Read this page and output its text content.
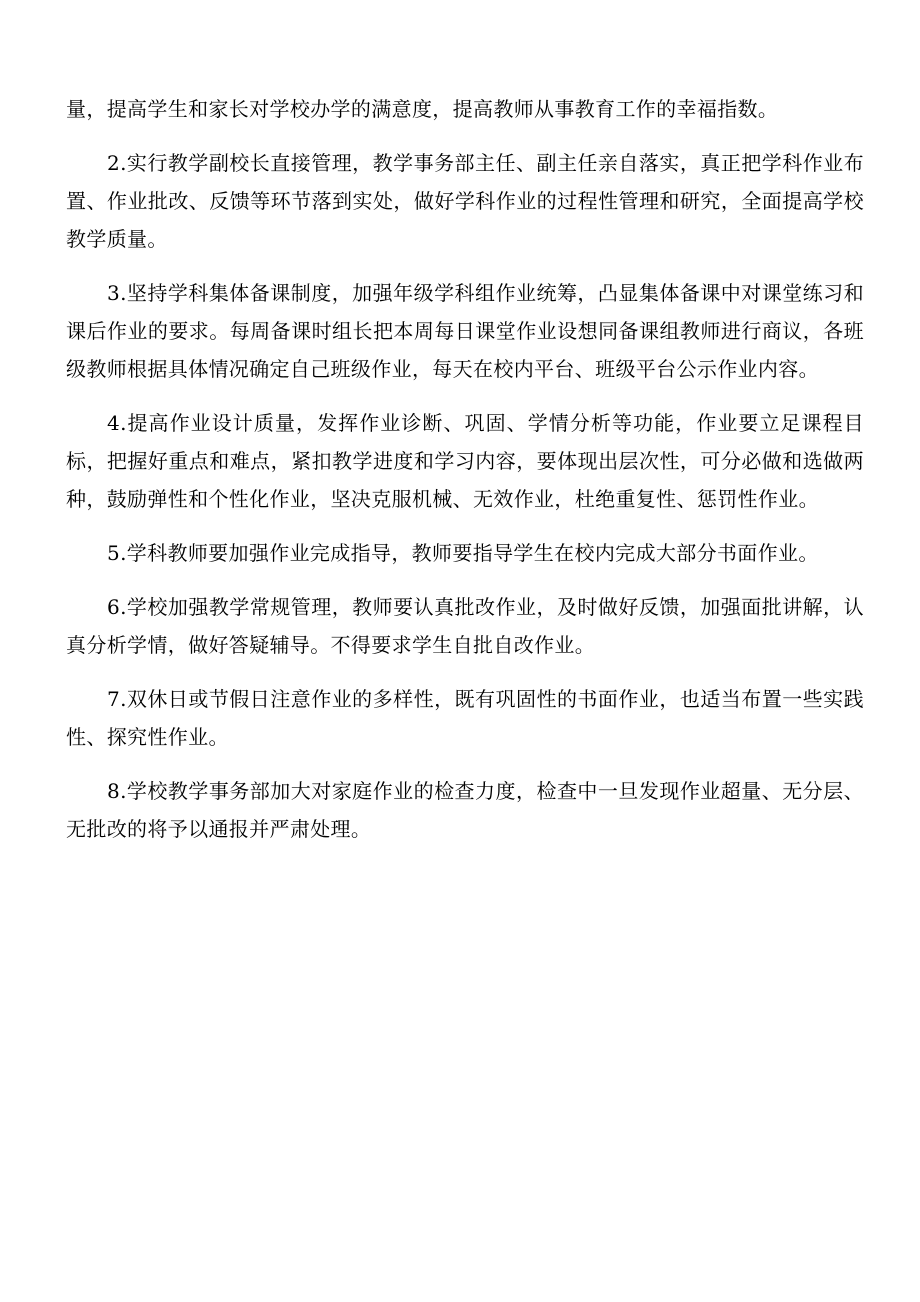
量，提高学生和家长对学校办学的满意度，提高教师从事教育工作的幸福指数。

2.实行教学副校长直接管理，教学事务部主任、副主任亲自落实，真正把学科作业布置、作业批改、反馈等环节落到实处，做好学科作业的过程性管理和研究，全面提高学校教学质量。

3.坚持学科集体备课制度，加强年级学科组作业统筹，凸显集体备课中对课堂练习和课后作业的要求。每周备课时组长把本周每日课堂作业设想同备课组教师进行商议，各班级教师根据具体情况确定自己班级作业，每天在校内平台、班级平台公示作业内容。

4.提高作业设计质量，发挥作业诊断、巩固、学情分析等功能，作业要立足课程目标，把握好重点和难点，紧扣教学进度和学习内容，要体现出层次性，可分必做和选做两种，鼓励弹性和个性化作业，坚决克服机械、无效作业，杜绝重复性、惩罚性作业。

5.学科教师要加强作业完成指导，教师要指导学生在校内完成大部分书面作业。

6.学校加强教学常规管理，教师要认真批改作业，及时做好反馈，加强面批讲解，认真分析学情，做好答疑辅导。不得要求学生自批自改作业。

7.双休日或节假日注意作业的多样性，既有巩固性的书面作业，也适当布置一些实践性、探究性作业。

8.学校教学事务部加大对家庭作业的检查力度，检查中一旦发现作业超量、无分层、无批改的将予以通报并严肃处理。
